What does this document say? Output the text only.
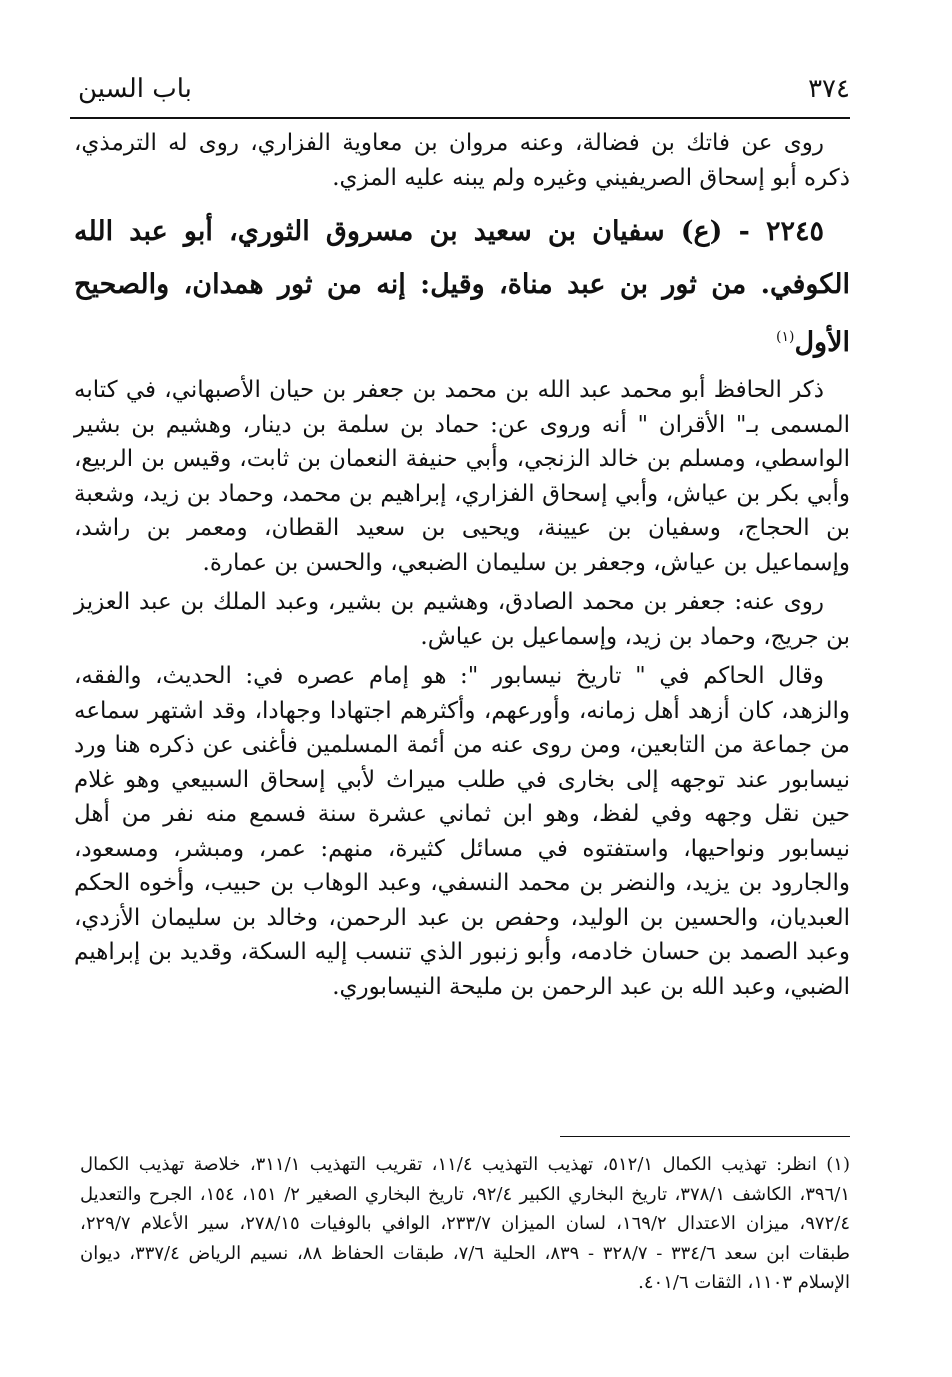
٣٧٤
باب السين

روى عن فاتك بن فضالة، وعنه مروان بن معاوية الفزاري، روى له الترمذي، ذكره أبو إسحاق الصريفيني وغيره ولم يبنه عليه المزي.

٢٢٤٥ - (ع) سفيان بن سعيد بن مسروق الثوري، أبو عبد الله الكوفي. من ثور بن عبد مناة، وقيل: إنه من ثور همدان، والصحيح الأول$^{(١)}$

ذكر الحافظ أبو محمد عبد الله بن محمد بن جعفر بن حيان الأصبهاني، في كتابه المسمى بـ" الأقران " أنه وروى عن: حماد بن سلمة بن دينار، وهشيم بن بشير الواسطي، ومسلم بن خالد الزنجي، وأبي حنيفة النعمان بن ثابت، وقيس بن الربيع، وأبي بكر بن عياش، وأبي إسحاق الفزاري، إبراهيم بن محمد، وحماد بن زيد، وشعبة بن الحجاج، وسفيان بن عيينة، ويحيى بن سعيد القطان، ومعمر بن راشد، وإسماعيل بن عياش، وجعفر بن سليمان الضبعي، والحسن بن عمارة.

روى عنه: جعفر بن محمد الصادق، وهشيم بن بشير، وعبد الملك بن عبد العزيز بن جريج، وحماد بن زيد، وإسماعيل بن عياش.

وقال الحاكم في " تاريخ نيسابور ": هو إمام عصره في: الحديث، والفقه، والزهد، كان أزهد أهل زمانه، وأورعهم، وأكثرهم اجتهادا وجهادا، وقد اشتهر سماعه من جماعة من التابعين، ومن روى عنه من أئمة المسلمين فأغنى عن ذكره هنا ورد نيسابور عند توجهه إلى بخارى في طلب ميراث لأبي إسحاق السبيعي وهو غلام حين نقل وجهه وفي لفظ، وهو ابن ثماني عشرة سنة فسمع منه نفر من أهل نيسابور ونواحيها، واستفتوه في مسائل كثيرة، منهم: عمر، ومبشر، ومسعود، والجارود بن يزيد، والنضر بن محمد النسفي، وعبد الوهاب بن حبيب، وأخوه الحكم العبديان، والحسين بن الوليد، وحفص بن عبد الرحمن، وخالد بن سليمان الأزدي، وعبد الصمد بن حسان خادمه، وأبو زنبور الذي تنسب إليه السكة، وقديد بن إبراهيم الضبي، وعبد الله بن عبد الرحمن بن مليحة النيسابوري.

(١) انظر: تهذيب الكمال ٥١٢/١، تهذيب التهذيب ١١/٤، تقريب التهذيب ٣١١/١، خلاصة تهذيب الكمال ٣٩٦/١، الكاشف ٣٧٨/١، تاريخ البخاري الكبير ٩٢/٤، تاريخ البخاري الصغير ٢/ ١٥١، ١٥٤، الجرح والتعديل ٩٧٢/٤، ميزان الاعتدال ١٦٩/٢، لسان الميزان ٢٣٣/٧، الوافي بالوفيات ٢٧٨/١٥، سير الأعلام ٢٢٩/٧، طبقات ابن سعد ٣٣٤/٦ - ٣٢٨/٧ - ٨٣٩، الحلية ٧/٦، طبقات الحفاظ ٨٨، نسيم الرياض ٣٣٧/٤، ديوان الإسلام ١١٠٣، الثقات ٤٠١/٦.
